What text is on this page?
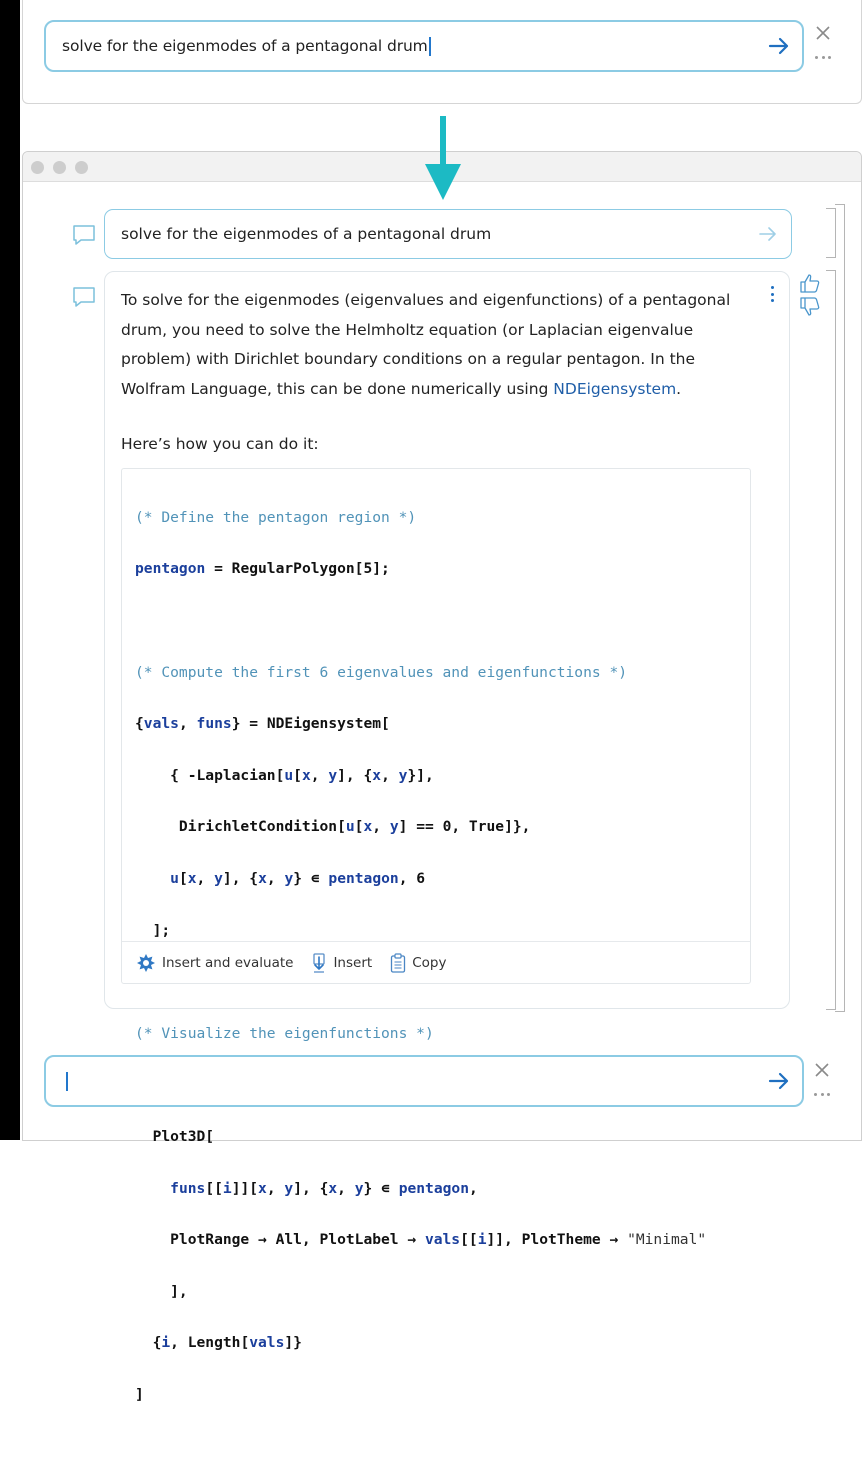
solve for the eigenmodes of a pentagonal drum
solve for the eigenmodes of a pentagonal drum
To solve for the eigenmodes (eigenvalues and eigenfunctions) of a pentagonal drum, you need to solve the Helmholtz equation (or Laplacian eigenvalue problem) with Dirichlet boundary conditions on a regular pentagon. In the Wolfram Language, this can be done numerically using NDEigensystem.
Here’s how you can do it:

(* Define the pentagon region *)

pentagon = RegularPolygon[5];

(* Compute the first 6 eigenvalues and eigenfunctions *)

{vals, funs} = NDEigensystem[

{ -Laplacian[u[x, y], {x, y}],

DirichletCondition[u[x, y] == 0, True]},

u[x, y], {x, y} ∊ pentagon, 6

];

(* Visualize the eigenfunctions *)

Plot3D[

funs[[i]][x, y], {x, y} ∊ pentagon,

PlotRange → All, PlotLabel → vals[[i]], PlotTheme → "Minimal"

],

{i, Length[vals]}

]

Insert and evaluate	Insert	Copy
